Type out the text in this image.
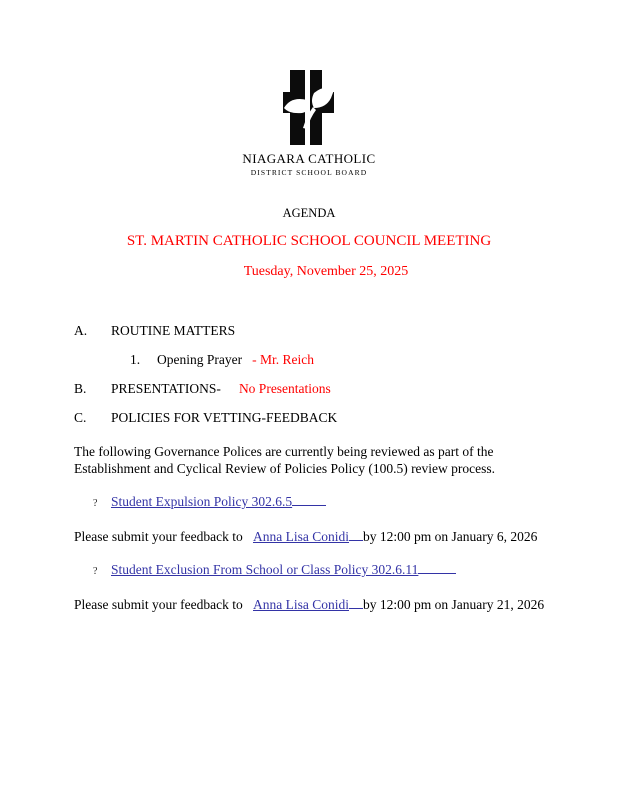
NIAGARA CATHOLIC
DISTRICT SCHOOL BOARD
AGENDA
ST. MARTIN CATHOLIC SCHOOL COUNCIL MEETING
Tuesday, November 25, 2025
A.	ROUTINE MATTERS
1.	Opening Prayer - Mr. Reich
B.	PRESENTATIONS- No Presentations
C.	POLICIES FOR VETTING-FEEDBACK
The following Governance Polices are currently being reviewed as part of the
Establishment and Cyclical Review of Policies Policy (100.5) review process.
?	Student Expulsion Policy 302.6.5
Please submit your feedback to Anna Lisa Conidi by 12:00 pm on January 6, 2026
?	Student Exclusion From School or Class Policy 302.6.11
Please submit your feedback to Anna Lisa Conidi by 12:00 pm on January 21, 2026
